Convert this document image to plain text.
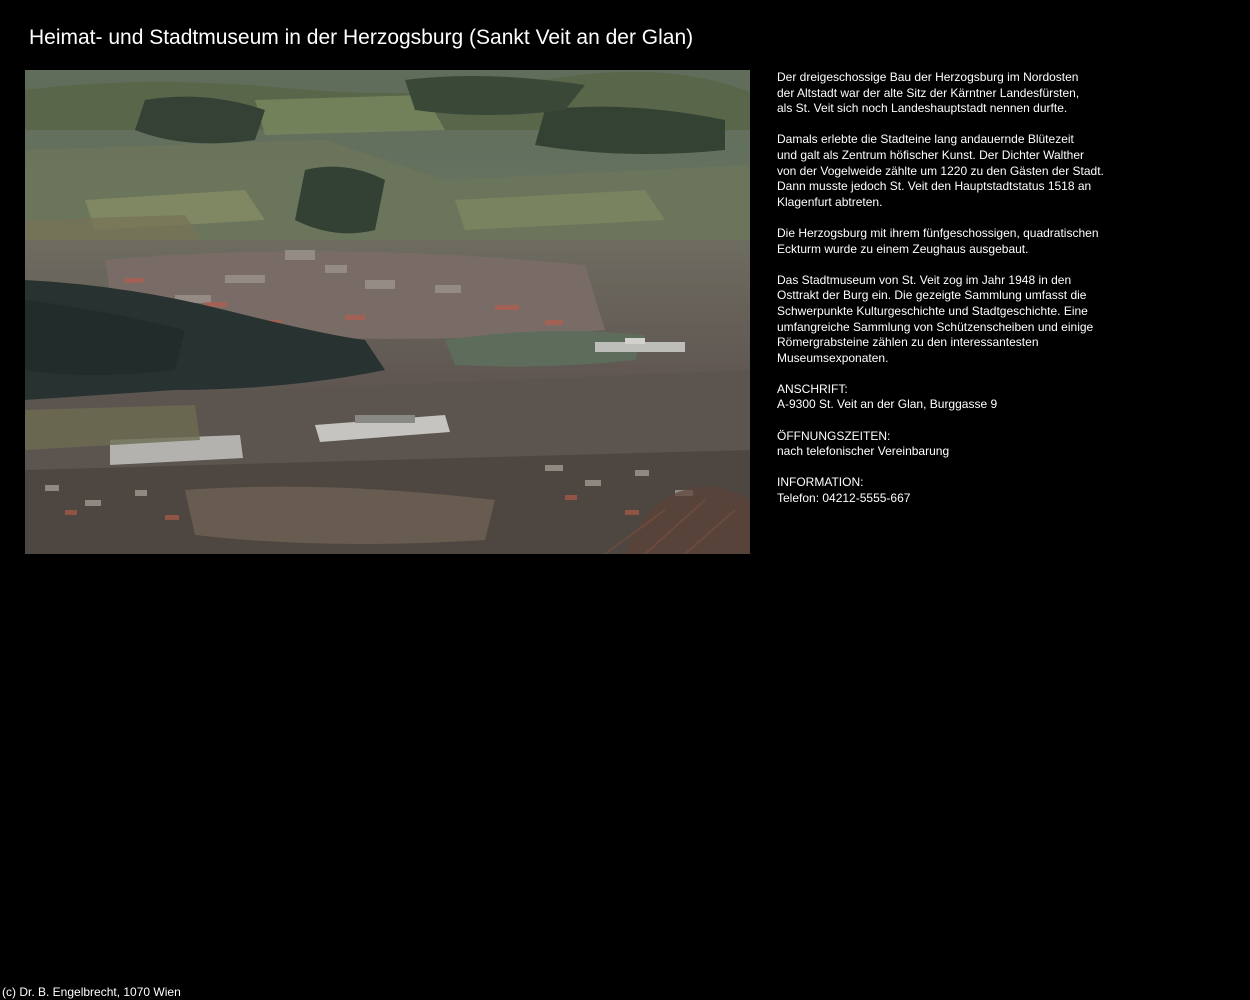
Heimat- und Stadtmuseum in der Herzogsburg (Sankt Veit an der Glan)

Der dreigeschossige Bau der Herzogsburg im Nordosten
der Altstadt war der alte Sitz der Kärntner Landesfürsten,
als St. Veit sich noch Landeshauptstadt nennen durfte.

Damals erlebte die Stadteine lang andauernde Blütezeit
und galt als Zentrum höfischer Kunst. Der Dichter Walther
von der Vogelweide zählte um 1220 zu den Gästen der Stadt.
Dann musste jedoch St. Veit den Hauptstadtstatus 1518 an
Klagenfurt abtreten.

Die Herzogsburg mit ihrem fünfgeschossigen, quadratischen
Eckturm wurde zu einem Zeughaus ausgebaut.

Das Stadtmuseum von St. Veit zog im Jahr 1948 in den
Osttrakt der Burg ein. Die gezeigte Sammlung umfasst die
Schwerpunkte Kulturgeschichte und Stadtgeschichte. Eine
umfangreiche Sammlung von Schützenscheiben und einige
Römergrabsteine zählen zu den interessantesten
Museumsexponaten.

ANSCHRIFT:
A-9300 St. Veit an der Glan, Burggasse 9

ÖFFNUNGSZEITEN:
nach telefonischer Vereinbarung

INFORMATION:
Telefon: 04212-5555-667

(c) Dr. B. Engelbrecht, 1070 Wien
